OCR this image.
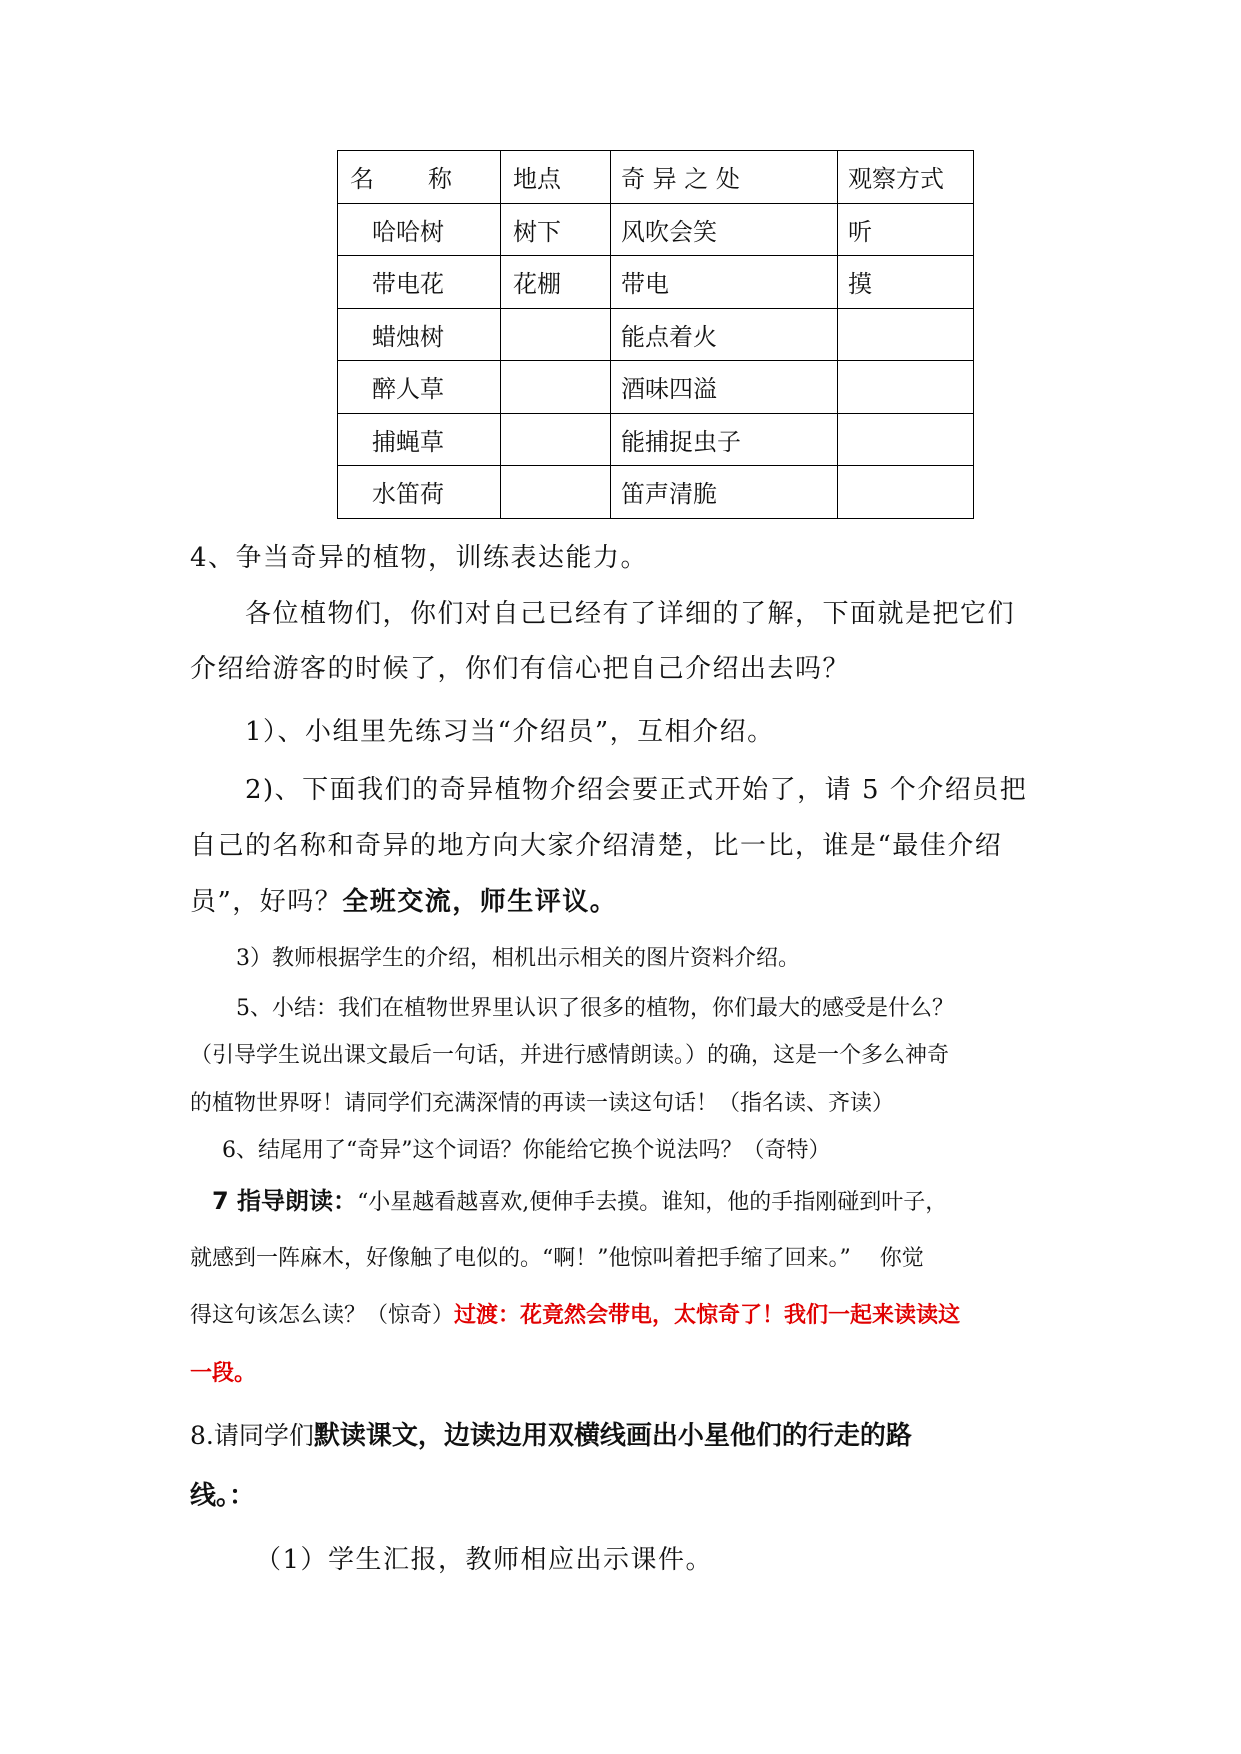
名　　称	地点	奇 异 之 处	观察方式
哈哈树	树下	风吹会笑	听
带电花	花棚	带电	摸
蜡烛树		能点着火	
醉人草		酒味四溢	
捕蝇草		能捕捉虫子	
水笛荷		笛声清脆	
4、争当奇异的植物，训练表达能力。
各位植物们，你们对自己已经有了详细的了解，下面就是把它们
介绍给游客的时候了，你们有信心把自己介绍出去吗？
1）、小组里先练习当“介绍员”，互相介绍。
2)、下面我们的奇异植物介绍会要正式开始了，请 5 个介绍员把
自己的名称和奇异的地方向大家介绍清楚，比一比，谁是“最佳介绍
员”，好吗？全班交流，师生评议。
3）教师根据学生的介绍，相机出示相关的图片资料介绍。
5、小结：我们在植物世界里认识了很多的植物，你们最大的感受是什么？
（引导学生说出课文最后一句话，并进行感情朗读。）的确，这是一个多么神奇
的植物世界呀！请同学们充满深情的再读一读这句话！（指名读、齐读）
6、结尾用了“奇异”这个词语？你能给它换个说法吗？（奇特）
7 指导朗读：“小星越看越喜欢,便伸手去摸。谁知，他的手指刚碰到叶子，
就感到一阵麻木，好像触了电似的。“啊！”他惊叫着把手缩了回来。”　 你觉
得这句该怎么读？（惊奇）过渡：花竟然会带电，太惊奇了！我们一起来读读这
一段。
8.请同学们默读课文，边读边用双横线画出小星他们的行走的路
线。：
（1）学生汇报，教师相应出示课件。
